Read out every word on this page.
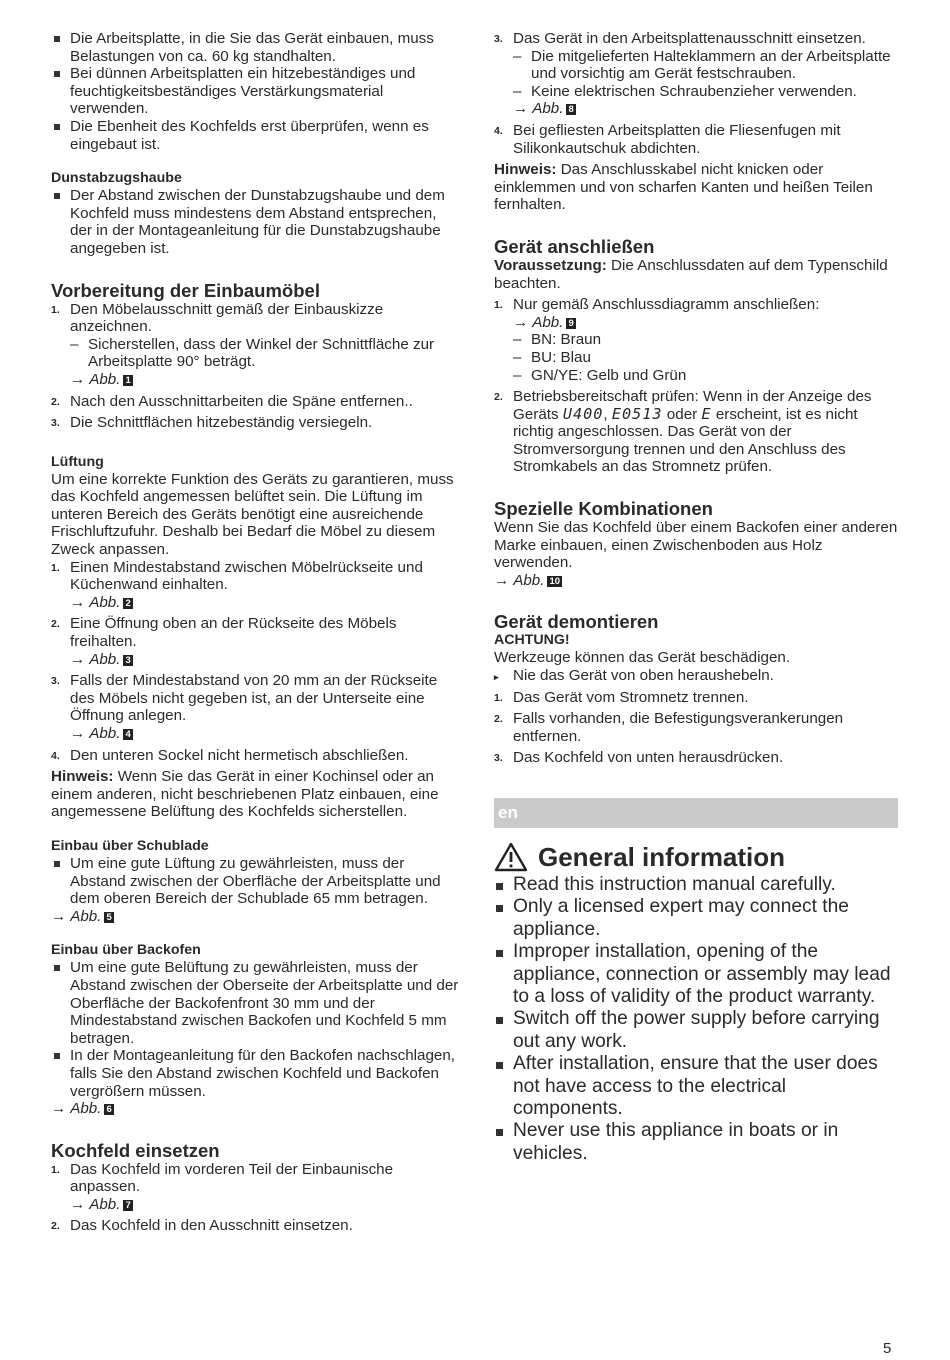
Die Arbeitsplatte, in die Sie das Gerät einbauen, muss Belastungen von ca. 60 kg standhalten.
Bei dünnen Arbeitsplatten ein hitzebeständiges und feuchtigkeitsbeständiges Verstärkungsmaterial verwenden.
Die Ebenheit des Kochfelds erst überprüfen, wenn es eingebaut ist.
Dunstabzugshaube
Der Abstand zwischen der Dunstabzugshaube und dem Kochfeld muss mindestens dem Abstand entsprechen, der in der Montageanleitung für die Dunstabzugshaube angegeben ist.
Vorbereitung der Einbaumöbel
1. Den Möbelausschnitt gemäß der Einbauskizze anzeichnen.
– Sicherstellen, dass der Winkel der Schnittfläche zur Arbeitsplatte 90° beträgt.
→ Abb. 1
2. Nach den Ausschnittarbeiten die Späne entfernen..
3. Die Schnittflächen hitzebeständig versiegeln.
Lüftung
Um eine korrekte Funktion des Geräts zu garantieren, muss das Kochfeld angemessen belüftet sein. Die Lüftung im unteren Bereich des Geräts benötigt eine ausreichende Frischluftzufuhr. Deshalb bei Bedarf die Möbel zu diesem Zweck anpassen.
1. Einen Mindestabstand zwischen Möbelrückseite und Küchenwand einhalten.
→ Abb. 2
2. Eine Öffnung oben an der Rückseite des Möbels freihalten.
→ Abb. 3
3. Falls der Mindestabstand von 20 mm an der Rückseite des Möbels nicht gegeben ist, an der Unterseite eine Öffnung anlegen.
→ Abb. 4
4. Den unteren Sockel nicht hermetisch abschließen.
Hinweis: Wenn Sie das Gerät in einer Kochinsel oder an einem anderen, nicht beschriebenen Platz einbauen, eine angemessene Belüftung des Kochfelds sicherstellen.
Einbau über Schublade
Um eine gute Lüftung zu gewährleisten, muss der Abstand zwischen der Oberfläche der Arbeitsplatte und dem oberen Bereich der Schublade 65 mm betragen.
→ Abb. 5
Einbau über Backofen
Um eine gute Belüftung zu gewährleisten, muss der Abstand zwischen der Oberseite der Arbeitsplatte und der Oberfläche der Backofenfront 30 mm und der Mindestabstand zwischen Backofen und Kochfeld 5 mm betragen.
In der Montageanleitung für den Backofen nachschlagen, falls Sie den Abstand zwischen Kochfeld und Backofen vergrößern müssen.
→ Abb. 6
Kochfeld einsetzen
1. Das Kochfeld im vorderen Teil der Einbaunische anpassen.
→ Abb. 7
2. Das Kochfeld in den Ausschnitt einsetzen.
3. Das Gerät in den Arbeitsplattenausschnitt einsetzen.
– Die mitgelieferten Halteklammern an der Arbeitsplatte und vorsichtig am Gerät festschrauben.
– Keine elektrischen Schraubenzieher verwenden.
→ Abb. 8
4. Bei gefliesten Arbeitsplatten die Fliesenfugen mit Silikonkautschuk abdichten.
Hinweis: Das Anschlusskabel nicht knicken oder einklemmen und von scharfen Kanten und heißen Teilen fernhalten.
Gerät anschließen
Voraussetzung: Die Anschlussdaten auf dem Typenschild beachten.
1. Nur gemäß Anschlussdiagramm anschließen:
→ Abb. 9
– BN: Braun
– BU: Blau
– GN/YE: Gelb und Grün
2. Betriebsbereitschaft prüfen: Wenn in der Anzeige des Geräts U400, E0513 oder E erscheint, ist es nicht richtig angeschlossen. Das Gerät von der Stromversorgung trennen und den Anschluss des Stromkabels an das Stromnetz prüfen.
Spezielle Kombinationen
Wenn Sie das Kochfeld über einem Backofen einer anderen Marke einbauen, einen Zwischenboden aus Holz verwenden.
→ Abb. 10
Gerät demontieren
ACHTUNG!
Werkzeuge können das Gerät beschädigen.
▸ Nie das Gerät von oben heraushebeln.
1. Das Gerät vom Stromnetz trennen.
2. Falls vorhanden, die Befestigungsverankerungen entfernen.
3. Das Kochfeld von unten herausdrücken.
en
General information
Read this instruction manual carefully.
Only a licensed expert may connect the appliance.
Improper installation, opening of the appliance, connection or assembly may lead to a loss of validity of the product warranty.
Switch off the power supply before carrying out any work.
After installation, ensure that the user does not have access to the electrical components.
Never use this appliance in boats or in vehicles.
5
